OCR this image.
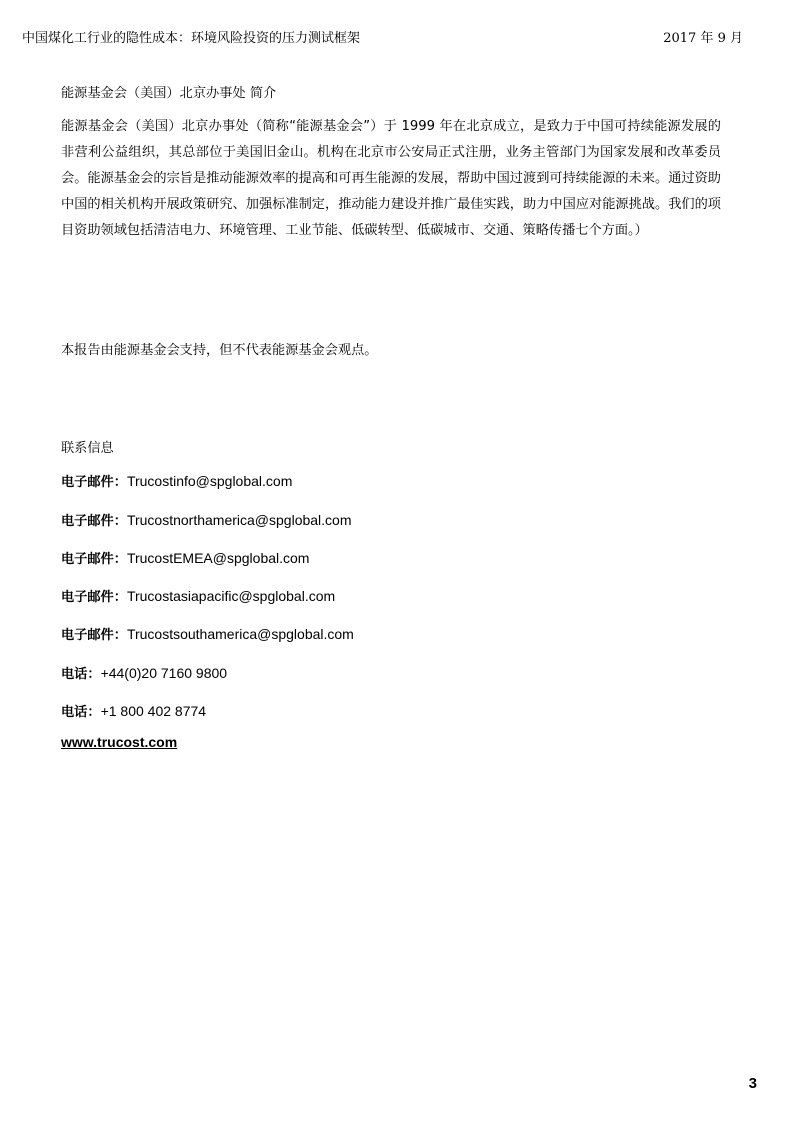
中国煤化工行业的隐性成本：环境风险投资的压力测试框架	2017 年 9 月
能源基金会（美国）北京办事处 简介
能源基金会（美国）北京办事处（简称“能源基金会”）于 1999 年在北京成立，是致力于中国可持续能源发展的非营利公益组织，其总部位于美国旧金山。机构在北京市公安局正式注册，业务主管部门为国家发展和改革委员会。能源基金会的宗旨是推动能源效率的提高和可再生能源的发展，帮助中国过渡到可持续能源的未来。通过资助中国的相关机构开展政策研究、加强标准制定，推动能力建设并推广最佳实践，助力中国应对能源挑战。我们的项目资助领域包括清洁电力、环境管理、工业节能、低碳转型、低碳城市、交通、策略传播七个方面。）
本报告由能源基金会支持，但不代表能源基金会观点。
联系信息
电子邮件：Trucostinfo@spglobal.com
电子邮件：Trucostnorthamerica@spglobal.com
电子邮件：TrucostEMEA@spglobal.com
电子邮件：Trucostasiapacific@spglobal.com
电子邮件：Trucostsouthamerica@spglobal.com
电话：+44(0)20 7160 9800
电话：+1 800 402 8774
www.trucost.com
3
